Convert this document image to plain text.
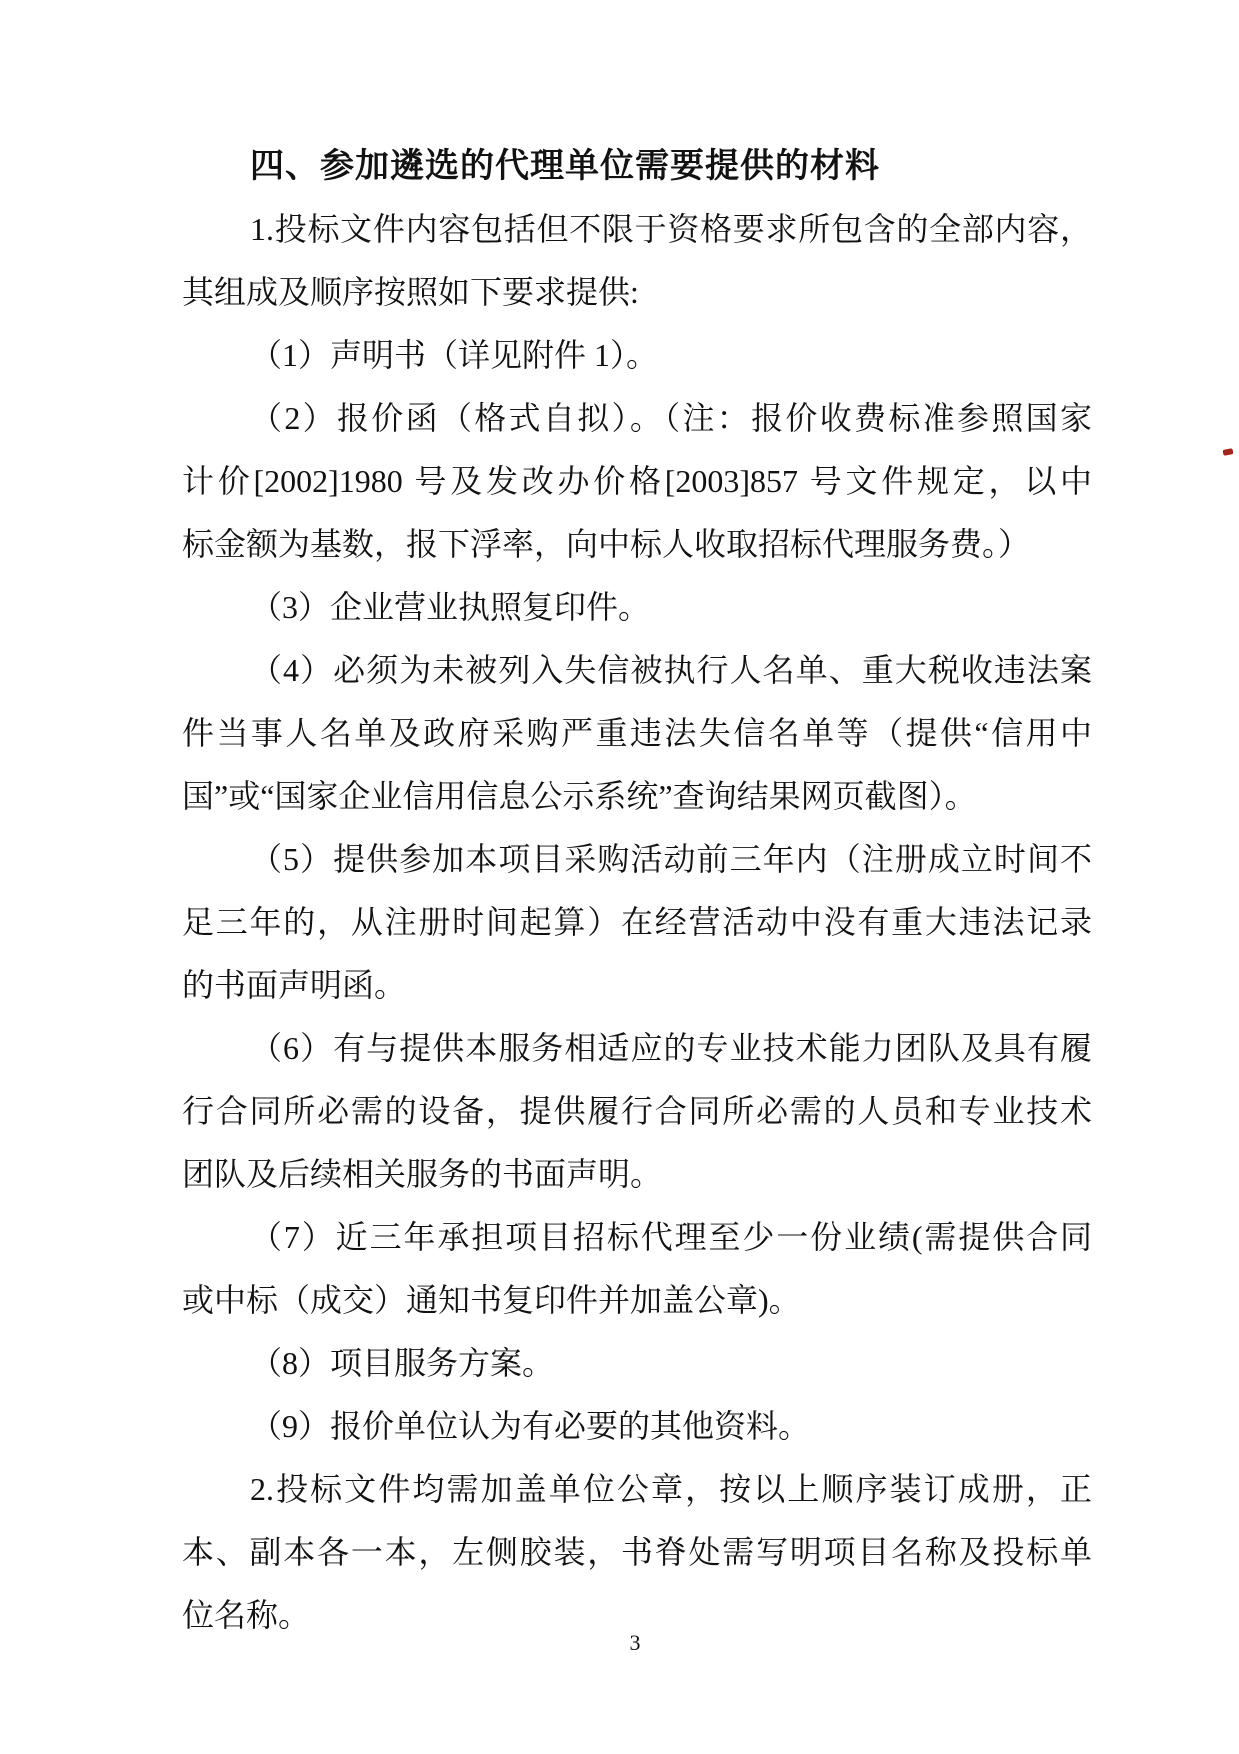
四、参加遴选的代理单位需要提供的材料
1.投标文件内容包括但不限于资格要求所包含的全部内容，
其组成及顺序按照如下要求提供:
（1）声明书（详见附件 1）。
（2）报价函（格式自拟）。（注：报价收费标准参照国家
计价[2002]1980 号及发改办价格[2003]857 号文件规定，以中
标金额为基数，报下浮率，向中标人收取招标代理服务费。）
（3）企业营业执照复印件。
（4）必须为未被列入失信被执行人名单、重大税收违法案
件当事人名单及政府采购严重违法失信名单等（提供“信用中
国”或“国家企业信用信息公示系统”查询结果网页截图）。
（5）提供参加本项目采购活动前三年内（注册成立时间不
足三年的，从注册时间起算）在经营活动中没有重大违法记录
的书面声明函。
（6）有与提供本服务相适应的专业技术能力团队及具有履
行合同所必需的设备，提供履行合同所必需的人员和专业技术
团队及后续相关服务的书面声明。
（7）近三年承担项目招标代理至少一份业绩(需提供合同
或中标（成交）通知书复印件并加盖公章)。
（8）项目服务方案。
（9）报价单位认为有必要的其他资料。
2.投标文件均需加盖单位公章，按以上顺序装订成册，正
本、副本各一本，左侧胶装，书脊处需写明项目名称及投标单
位名称。
3
